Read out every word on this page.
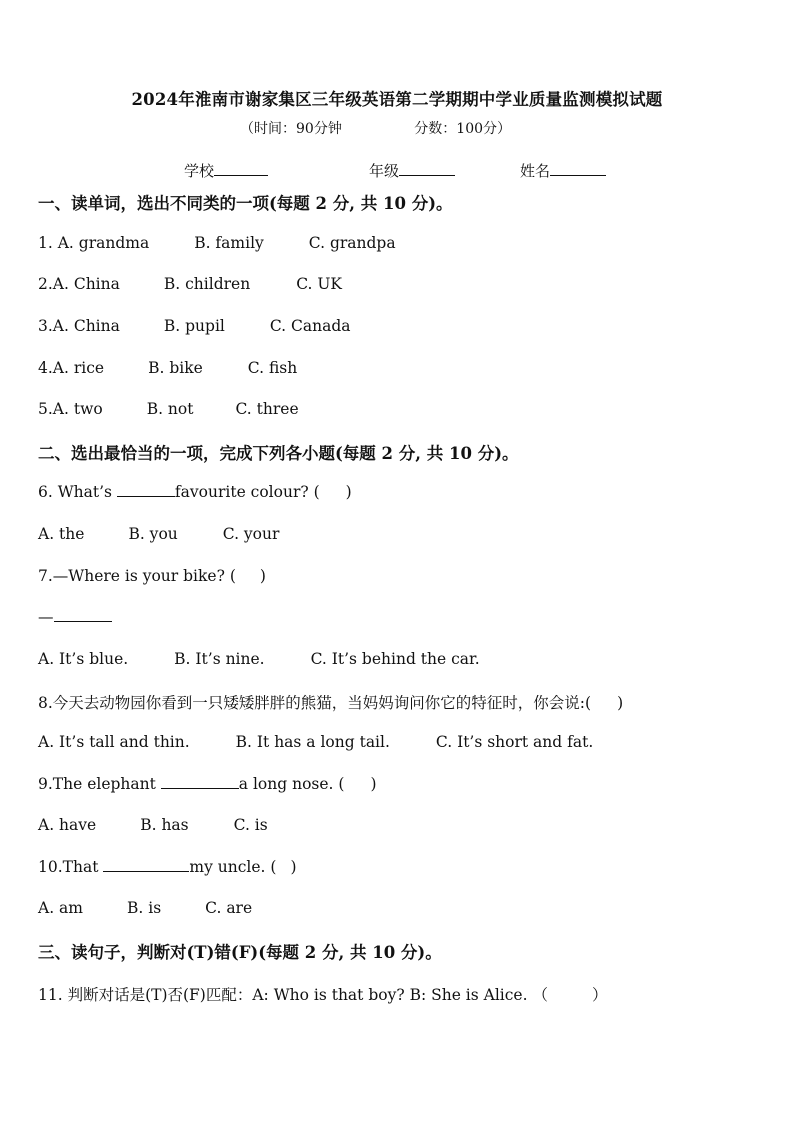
2024年淮南市谢家集区三年级英语第二学期期中学业质量监测模拟试题
（时间：90分钟	分数：100分）
学校	年级	姓名
一、读单词，选出不同类的一项(每题 2 分, 共 10 分)。
1. A. grandma	B. family	C. grandpa
2.A. China	B. children	C. UK
3.A. China	B. pupil	C. Canada
4.A. rice	B. bike	C. fish
5.A. two	B. not	C. three
二、选出最恰当的一项，完成下列各小题(每题 2 分, 共 10 分)。
6. What’s	favourite colour? ( )
A. the	B. you	C. your
7.—Where is your bike? ( )
—
A. It’s blue.	B. It’s nine.	C. It’s behind the car.
8.今天去动物园你看到一只矮矮胖胖的熊猫，当妈妈询问你它的特征时，你会说:( )
A. It’s tall and thin.	B. It has a long tail.	C. It’s short and fat.
9.The elephant	a long nose. ( )
A. have	B. has	C. is
10.That	my uncle. ( )
A. am	B. is	C. are
三、读句子，判断对(T)错(F)(每题 2 分, 共 10 分)。
11. 判断对话是(T)否(F)匹配：A: Who is that boy? B: She is Alice. （	）
